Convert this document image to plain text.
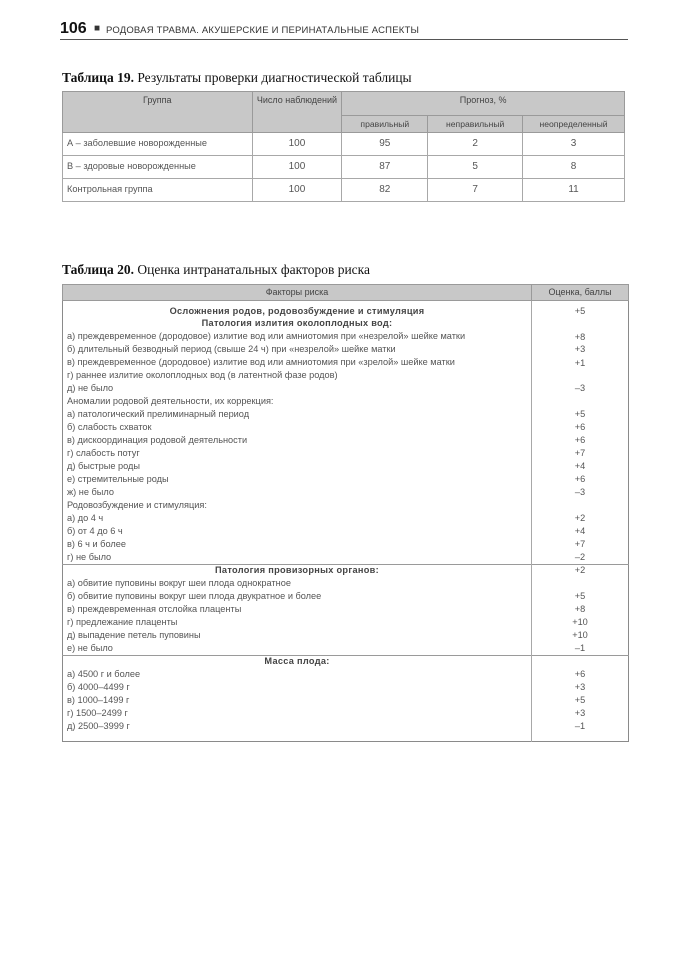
106 ■ РОДОВАЯ ТРАВМА. АКУШЕРСКИЕ И ПЕРИНАТАЛЬНЫЕ АСПЕКТЫ
Таблица 19. Результаты проверки диагностической таблицы
Группа	Число наблюдений	Прогноз, %		
		правильный	неправильный	неопределенный
А – заболевшие новорожденные	100	95	2	3
В – здоровые новорожденные	100	87	5	8
Контрольная группа	100	82	7	11
Таблица 20. Оценка интранатальных факторов риска
Факторы риска	Оценка, баллы
Осложнения родов, родовозбуждение и стимуляция	+5
Патология излития околоплодных вод:	
а) преждевременное (дородовое) излитие вод или амниотомия при «незрелой» шейке матки	+8
б) длительный безводный период (свыше 24 ч) при «незрелой» шейке матки	+3
в) преждевременное (дородовое) излитие вод или амниотомия при «зрелой» шейке матки	+1
г) раннее излитие околоплодных вод (в латентной фазе родов)	
д) не было	–3
Аномалии родовой деятельности, их коррекция:	
а) патологический прелиминарный период	+5
б) слабость схваток	+6
в) дискоординация родовой деятельности	+6
г) слабость потуг	+7
д) быстрые роды	+4
е) стремительные роды	+6
ж) не было	–3
Родовозбуждение и стимуляция:	
а) до 4 ч	+2
б) от 4 до 6 ч	+4
в) 6 ч и более	+7
г) не было	–2
Патология провизорных органов:	+2
а) обвитие пуповины вокруг шеи плода однократное	
б) обвитие пуповины вокруг шеи плода двукратное и более	+5
в) преждевременная отслойка плаценты	+8
г) предлежание плаценты	+10
д) выпадение петель пуповины	+10
е) не было	–1
Масса плода:	
а) 4500 г и более	+6
б) 4000–4499 г	+3
в) 1000–1499 г	+5
г) 1500–2499 г	+3
д) 2500–3999 г	–1
